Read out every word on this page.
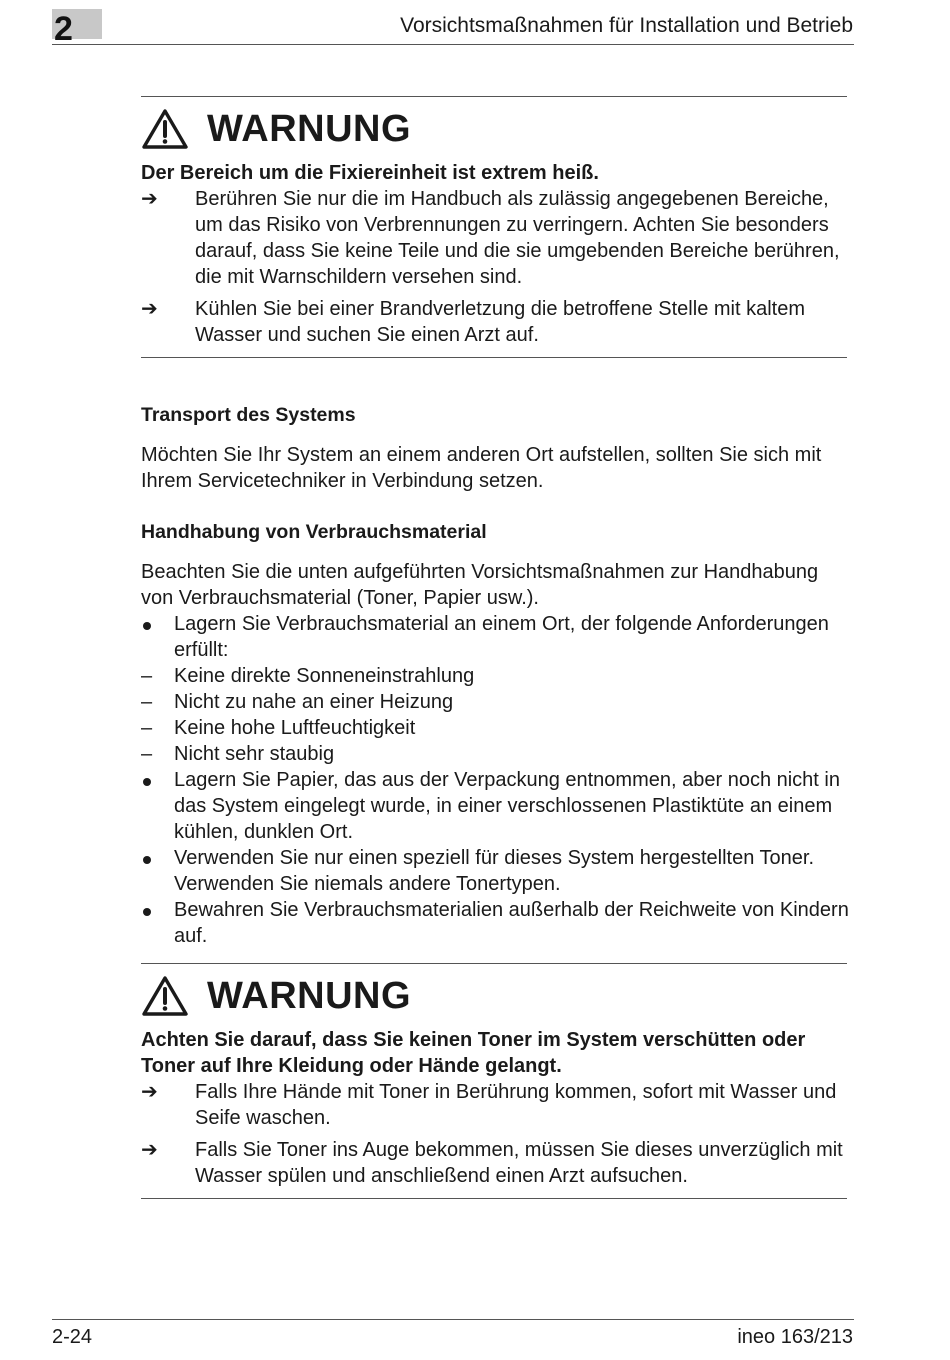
2	Vorsichtsmaßnahmen für Installation und Betrieb
WARNUNG
Der Bereich um die Fixiereinheit ist extrem heiß.
➔ Berühren Sie nur die im Handbuch als zulässig angegebenen Bereiche, um das Risiko von Verbrennungen zu verringern. Achten Sie besonders darauf, dass Sie keine Teile und die sie umgebenden Bereiche berühren, die mit Warnschildern versehen sind.
➔ Kühlen Sie bei einer Brandverletzung die betroffene Stelle mit kaltem Wasser und suchen Sie einen Arzt auf.
Transport des Systems
Möchten Sie Ihr System an einem anderen Ort aufstellen, sollten Sie sich mit Ihrem Servicetechniker in Verbindung setzen.
Handhabung von Verbrauchsmaterial
Beachten Sie die unten aufgeführten Vorsichtsmaßnahmen zur Handhabung von Verbrauchsmaterial (Toner, Papier usw.).
Lagern Sie Verbrauchsmaterial an einem Ort, der folgende Anforderungen erfüllt:
– Keine direkte Sonneneinstrahlung
– Nicht zu nahe an einer Heizung
– Keine hohe Luftfeuchtigkeit
– Nicht sehr staubig
Lagern Sie Papier, das aus der Verpackung entnommen, aber noch nicht in das System eingelegt wurde, in einer verschlossenen Plastiktüte an einem kühlen, dunklen Ort.
Verwenden Sie nur einen speziell für dieses System hergestellten Toner. Verwenden Sie niemals andere Tonertypen.
Bewahren Sie Verbrauchsmaterialien außerhalb der Reichweite von Kindern auf.
WARNUNG
Achten Sie darauf, dass Sie keinen Toner im System verschütten oder Toner auf Ihre Kleidung oder Hände gelangt.
➔ Falls Ihre Hände mit Toner in Berührung kommen, sofort mit Wasser und Seife waschen.
➔ Falls Sie Toner ins Auge bekommen, müssen Sie dieses unverzüglich mit Wasser spülen und anschließend einen Arzt aufsuchen.
2-24	ineo 163/213
